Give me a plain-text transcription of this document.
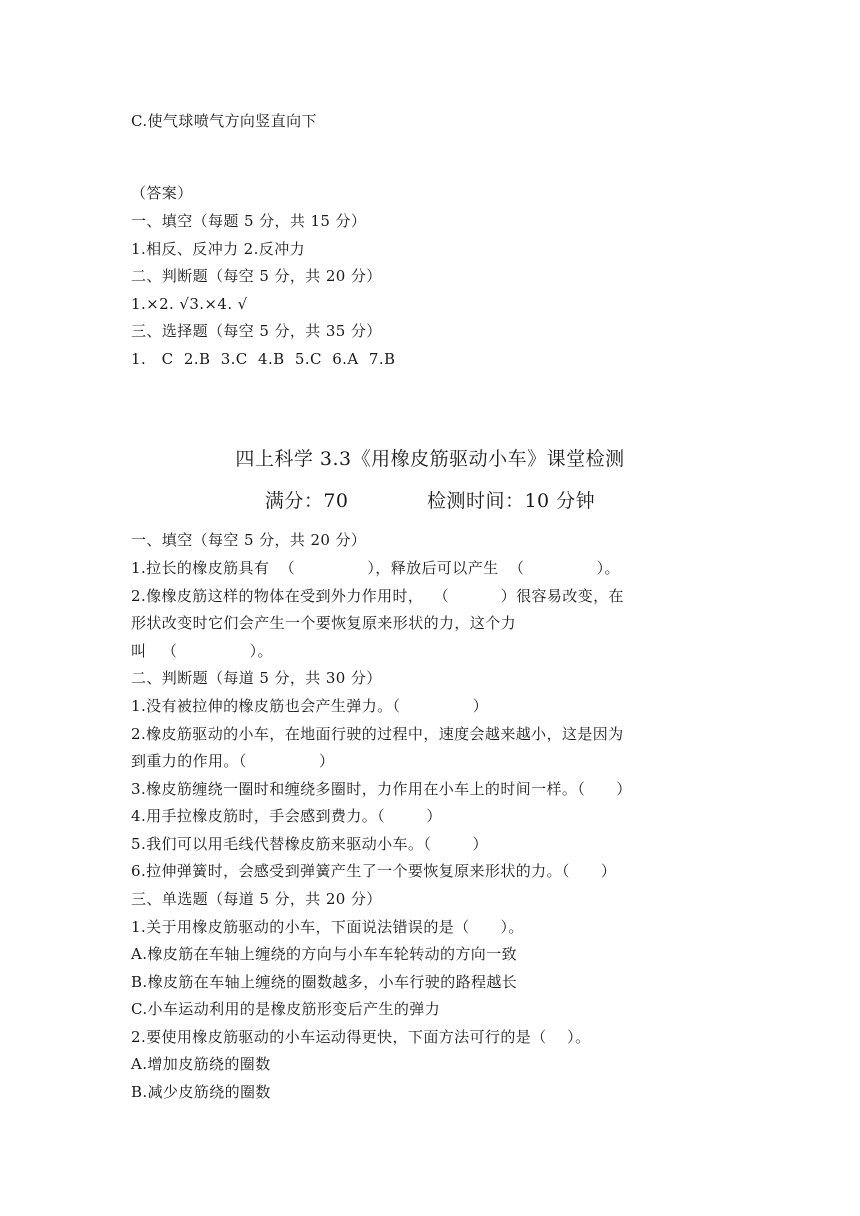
C.使气球喷气方向竖直向下
（答案）
一、填空（每题 5 分，共 15 分）
1.相反、反冲力 2.反冲力
二、判断题（每空 5 分，共 20 分）
1.×2. √3.×4. √
三、选择题（每空 5 分，共 35 分）
1.   C  2.B  3.C  4.B  5.C  6.A  7.B
四上科学 3.3《用橡皮筋驱动小车》课堂检测
满分：70            检测时间：10 分钟
一、填空（每空 5 分，共 20 分）
1.拉长的橡皮筋具有  （              ），释放后可以产生  （              ）。
2.像橡皮筋这样的物体在受到外力作用时，  （          ）很容易改变，在
形状改变时它们会产生一个要恢复原来形状的力，这个力
叫   （              ）。
二、判断题（每道 5 分，共 30 分）
1.没有被拉伸的橡皮筋也会产生弹力。（              ）
2.橡皮筋驱动的小车，在地面行驶的过程中，速度会越来越小，这是因为
到重力的作用。（              ）
3.橡皮筋缠绕一圈时和缠绕多圈时，力作用在小车上的时间一样。（      ）
4.用手拉橡皮筋时，手会感到费力。（        ）
5.我们可以用毛线代替橡皮筋来驱动小车。（        ）
6.拉伸弹簧时，会感受到弹簧产生了一个要恢复原来形状的力。（      ）
三、单选题（每道 5 分，共 20 分）
1.关于用橡皮筋驱动的小车，下面说法错误的是（      ）。
A.橡皮筋在车轴上缠绕的方向与小车车轮转动的方向一致
B.橡皮筋在车轴上缠绕的圈数越多，小车行驶的路程越长
C.小车运动利用的是橡皮筋形变后产生的弹力
2.要使用橡皮筋驱动的小车运动得更快，下面方法可行的是（    ）。
A.增加皮筋绕的圈数
B.减少皮筋绕的圈数
